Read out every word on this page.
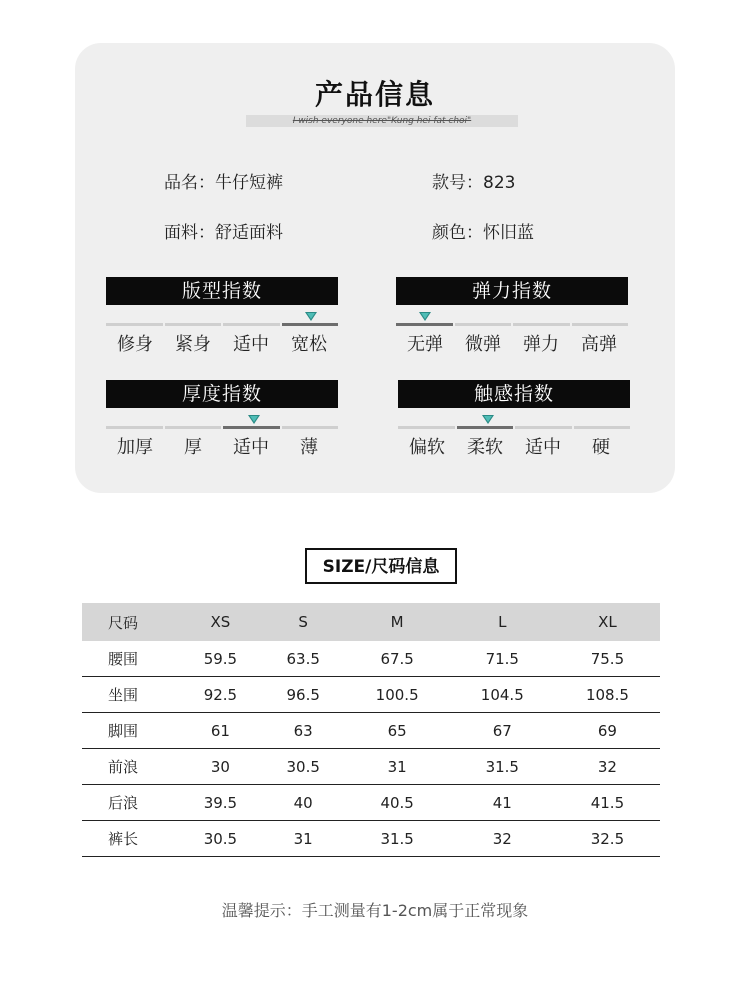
产品信息
I wish everyone here"Kung hei fat choi"
品名：牛仔短裤	款号：823
面料：舒适面料	颜色：怀旧蓝
版型指数
修身	紧身	适中	宽松
弹力指数
无弹	微弹	弹力	高弹
厚度指数
加厚	厚	适中	薄
触感指数
偏软	柔软	适中	硬
SIZE/尺码信息
尺码	XS	S	M	L	XL
腰围	59.5	63.5	67.5	71.5	75.5
坐围	92.5	96.5	100.5	104.5	108.5
脚围	61	63	65	67	69
前浪	30	30.5	31	31.5	32
后浪	39.5	40	40.5	41	41.5
裤长	30.5	31	31.5	32	32.5
温馨提示：手工测量有1-2cm属于正常现象
